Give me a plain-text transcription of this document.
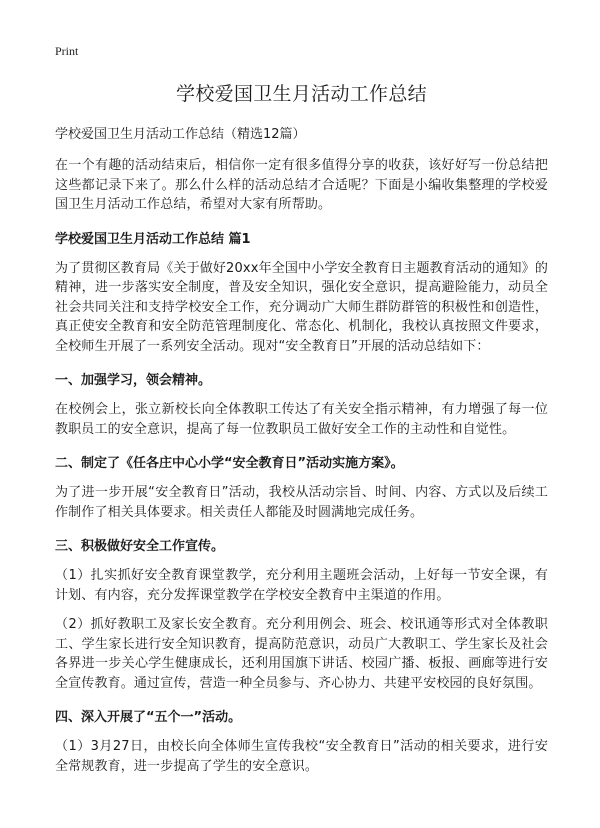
Print

学校爱国卫生月活动工作总结

学校爱国卫生月活动工作总结（精选12篇）

在一个有趣的活动结束后，相信你一定有很多值得分享的收获，该好好写一份总结把这些都记录下来了。那么什么样的活动总结才合适呢？下面是小编收集整理的学校爱国卫生月活动工作总结，希望对大家有所帮助。

学校爱国卫生月活动工作总结 篇1

为了贯彻区教育局《关于做好20xx年全国中小学安全教育日主题教育活动的通知》的精神，进一步落实安全制度，普及安全知识，强化安全意识，提高避险能力，动员全社会共同关注和支持学校安全工作，充分调动广大师生群防群管的积极性和创造性，真正使安全教育和安全防范管理制度化、常态化、机制化，我校认真按照文件要求，全校师生开展了一系列安全活动。现对“安全教育日”开展的活动总结如下：

一、加强学习，领会精神。

在校例会上，张立新校长向全体教职工传达了有关安全指示精神，有力增强了每一位教职员工的安全意识，提高了每一位教职员工做好安全工作的主动性和自觉性。

二、制定了《任各庄中心小学“安全教育日”活动实施方案》。

为了进一步开展“安全教育日”活动，我校从活动宗旨、时间、内容、方式以及后续工作制作了相关具体要求。相关责任人都能及时圆满地完成任务。

三、积极做好安全工作宣传。

（1）扎实抓好安全教育课堂教学，充分利用主题班会活动，上好每一节安全课，有计划、有内容，充分发挥课堂教学在学校安全教育中主渠道的作用。

（2）抓好教职工及家长安全教育。充分利用例会、班会、校讯通等形式对全体教职工、学生家长进行安全知识教育，提高防范意识，动员广大教职工、学生家长及社会各界进一步关心学生健康成长，还利用国旗下讲话、校园广播、板报、画廊等进行安全宣传教育。通过宣传，营造一种全员参与、齐心协力、共建平安校园的良好氛围。

四、深入开展了“五个一”活动。

（1）3月27日，由校长向全体师生宣传我校“安全教育日”活动的相关要求，进行安全常规教育，进一步提高了学生的安全意识。
